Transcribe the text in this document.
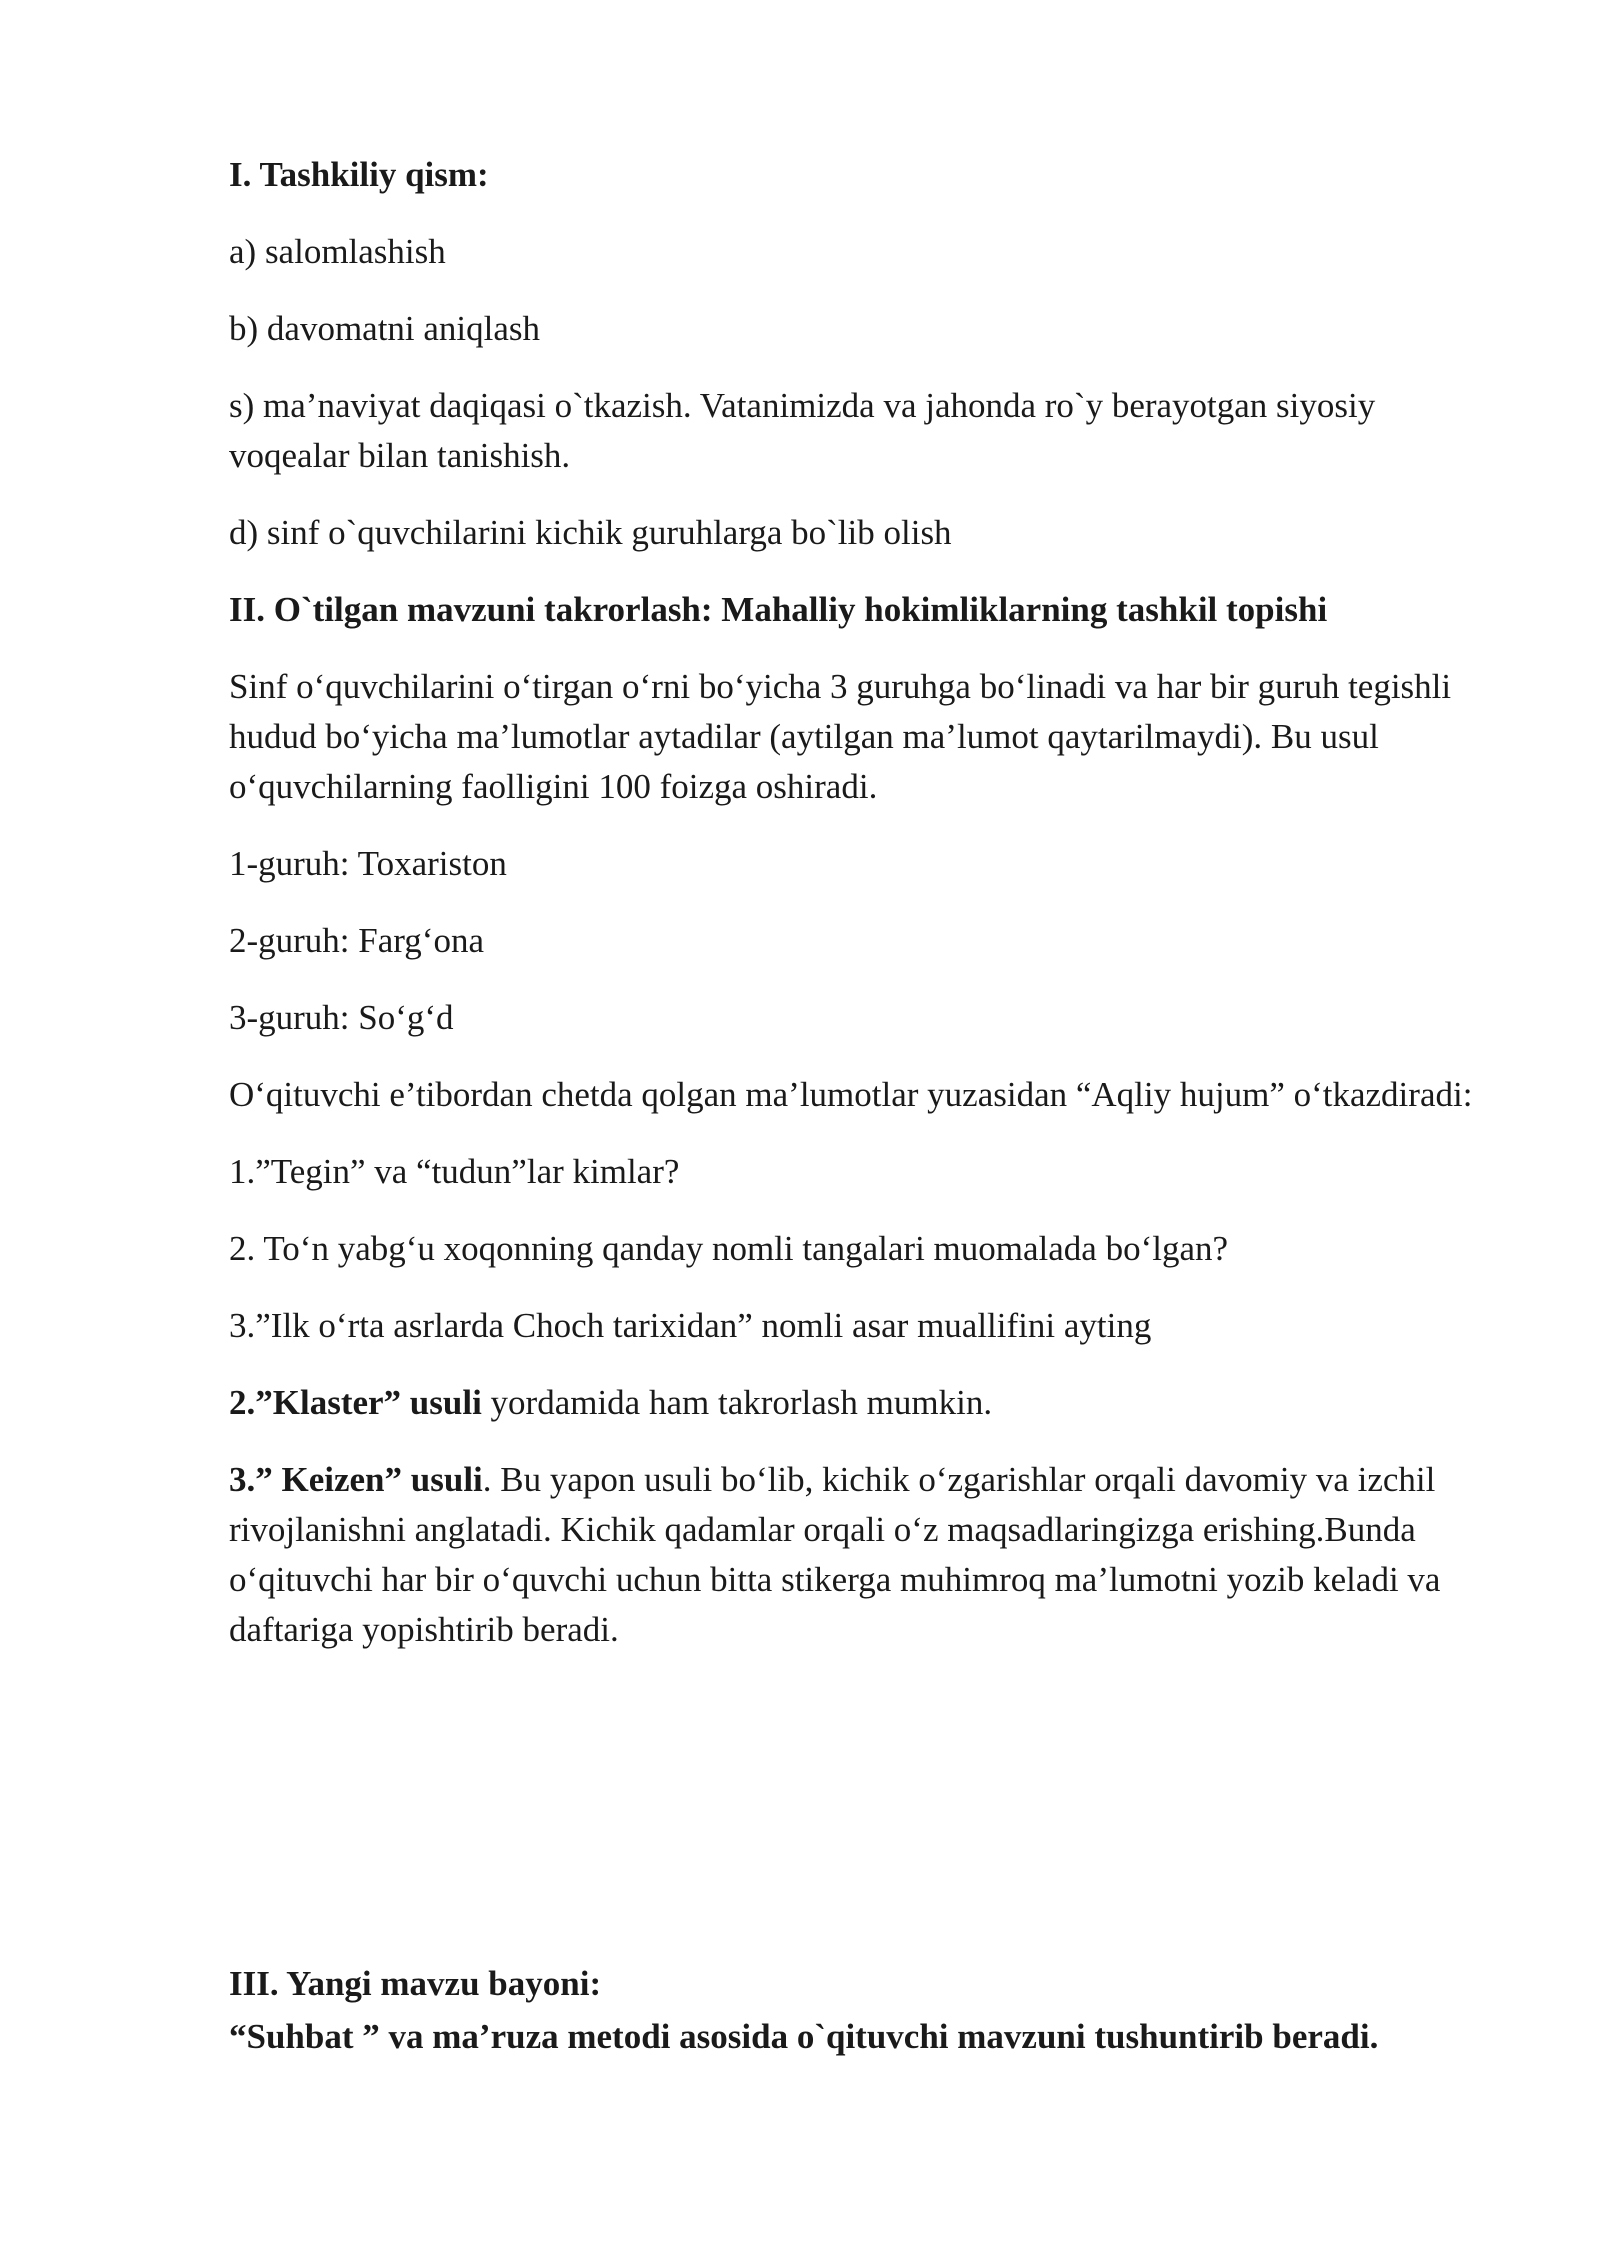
I. Tashkiliy qism:

a) salomlashish

b) davomatni aniqlash

s) ma’naviyat daqiqasi o`tkazish. Vatanimizda va jahonda ro`y berayotgan siyosiy voqealar bilan tanishish.

d) sinf o`quvchilarini kichik guruhlarga bo`lib olish

II. O`tilgan mavzuni takrorlash: Mahalliy hokimliklarning tashkil topishi

Sinf o‘quvchilarini o‘tirgan o‘rni bo‘yicha 3 guruhga bo‘linadi va har bir guruh tegishli hudud bo‘yicha ma’lumotlar aytadilar (aytilgan ma’lumot qaytarilmaydi). Bu usul o‘quvchilarning faolligini 100 foizga oshiradi.

1-guruh: Toxariston

2-guruh: Farg‘ona

3-guruh: So‘g‘d

O‘qituvchi e’tibordan chetda qolgan ma’lumotlar yuzasidan “Aqliy hujum” o‘tkazdiradi:

1.”Tegin” va “tudun”lar kimlar?

2. To‘n yabg‘u xoqonning qanday nomli tangalari muomalada bo‘lgan?

3.”Ilk o‘rta asrlarda Choch tarixidan” nomli asar muallifini ayting

2.”Klaster” usuli yordamida ham takrorlash mumkin.

3.” Keizen” usuli. Bu yapon usuli bo‘lib, kichik o‘zgarishlar orqali davomiy va izchil rivojlanishni anglatadi. Kichik qadamlar orqali o‘z maqsadlaringizga erishing.Bunda o‘qituvchi har bir o‘quvchi uchun bitta stikerga muhimroq ma’lumotni yozib keladi va daftariga yopishtirib beradi.

III. Yangi mavzu bayoni:

“Suhbat ” va ma’ruza metodi asosida o`qituvchi mavzuni tushuntirib beradi.
